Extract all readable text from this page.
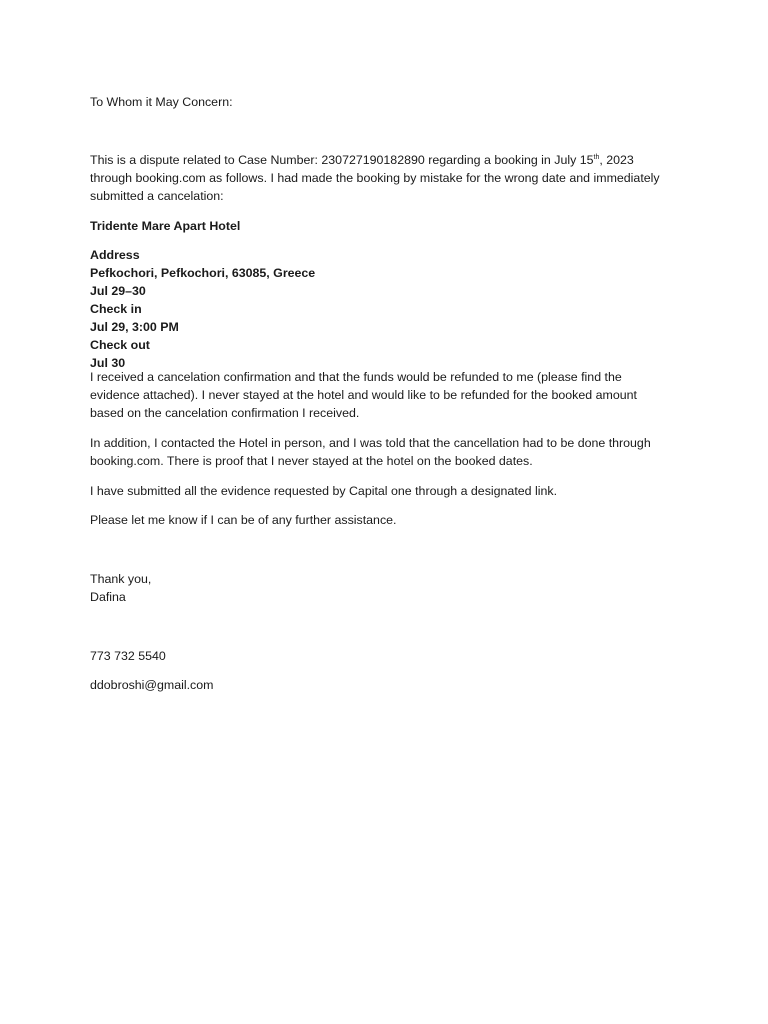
To Whom it May Concern:

This is a dispute related to Case Number: 230727190182890 regarding a booking in July 15th, 2023
through booking.com as follows. I had made the booking by mistake for the wrong date and immediately
submitted a cancelation:

Tridente Mare Apart Hotel

Address
Pefkochori, Pefkochori, 63085, Greece
Jul 29–30
Check in
Jul 29, 3:00 PM
Check out
Jul 30

I received a cancelation confirmation and that the funds would be refunded to me (please find the
evidence attached). I never stayed at the hotel and would like to be refunded for the booked amount
based on the cancelation confirmation I received.

In addition, I contacted the Hotel in person, and I was told that the cancellation had to be done through
booking.com. There is proof that I never stayed at the hotel on the booked dates.

I have submitted all the evidence requested by Capital one through a designated link.

Please let me know if I can be of any further assistance.

Thank you,
Dafina

773 732 5540

ddobroshi@gmail.com
